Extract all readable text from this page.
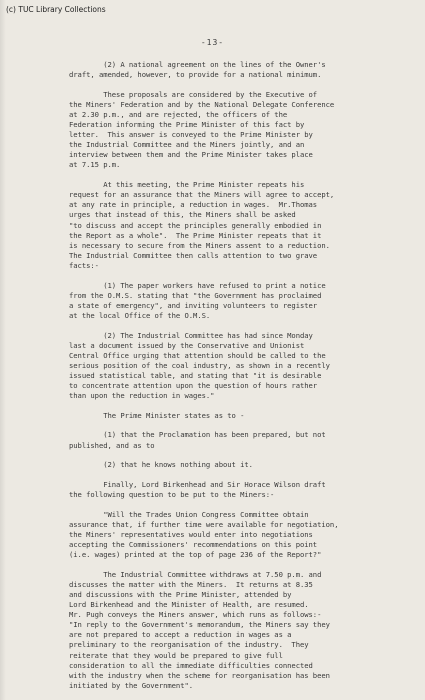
(c) TUC Library Collections
-13-
(2) A national agreement on the lines of the Owner's
draft, amended, however, to provide for a national minimum.
These proposals are considered by the Executive of
the Miners' Federation and by the National Delegate Conference
at 2.30 p.m., and are rejected, the officers of the
Federation informing the Prime Minister of this fact by
letter.  This answer is conveyed to the Prime Minister by
the Industrial Committee and the Miners jointly, and an
interview between them and the Prime Minister takes place
at 7.15 p.m.
At this meeting, the Prime Minister repeats his
request for an assurance that the Miners will agree to accept,
at any rate in principle, a reduction in wages.  Mr.Thomas
urges that instead of this, the Miners shall be asked
"to discuss and accept the principles generally embodied in
the Report as a whole".  The Prime Minister repeats that it
is necessary to secure from the Miners assent to a reduction.
The Industrial Committee then calls attention to two grave
facts:-
(1) The paper workers have refused to print a notice
from the O.M.S. stating that "the Government has proclaimed
a state of emergency", and inviting volunteers to register
at the local Office of the O.M.S.
(2) The Industrial Committee has had since Monday
last a document issued by the Conservative and Unionist
Central Office urging that attention should be called to the
serious position of the coal industry, as shown in a recently
issued statistical table, and stating that "it is desirable
to concentrate attention upon the question of hours rather
than upon the reduction in wages."
The Prime Minister states as to -
(1) that the Proclamation has been prepared, but not
published, and as to
(2) that he knows nothing about it.
Finally, Lord Birkenhead and Sir Horace Wilson draft
the following question to be put to the Miners:-
"Will the Trades Union Congress Committee obtain
assurance that, if further time were available for negotiation,
the Miners' representatives would enter into negotiations
accepting the Commissioners' recommendations on this point
(i.e. wages) printed at the top of page 236 of the Report?"
The Industrial Committee withdraws at 7.50 p.m. and
discusses the matter with the Miners.  It returns at 8.35
and discussions with the Prime Minister, attended by
Lord Birkenhead and the Minister of Health, are resumed.
Mr. Pugh conveys the Miners answer, which runs as follows:-
"In reply to the Government's memorandum, the Miners say they
are not prepared to accept a reduction in wages as a
preliminary to the reorganisation of the industry.  They
reiterate that they would be prepared to give full
consideration to all the immediate difficulties connected
with the industry when the scheme for reorganisation has been
initiated by the Government".
